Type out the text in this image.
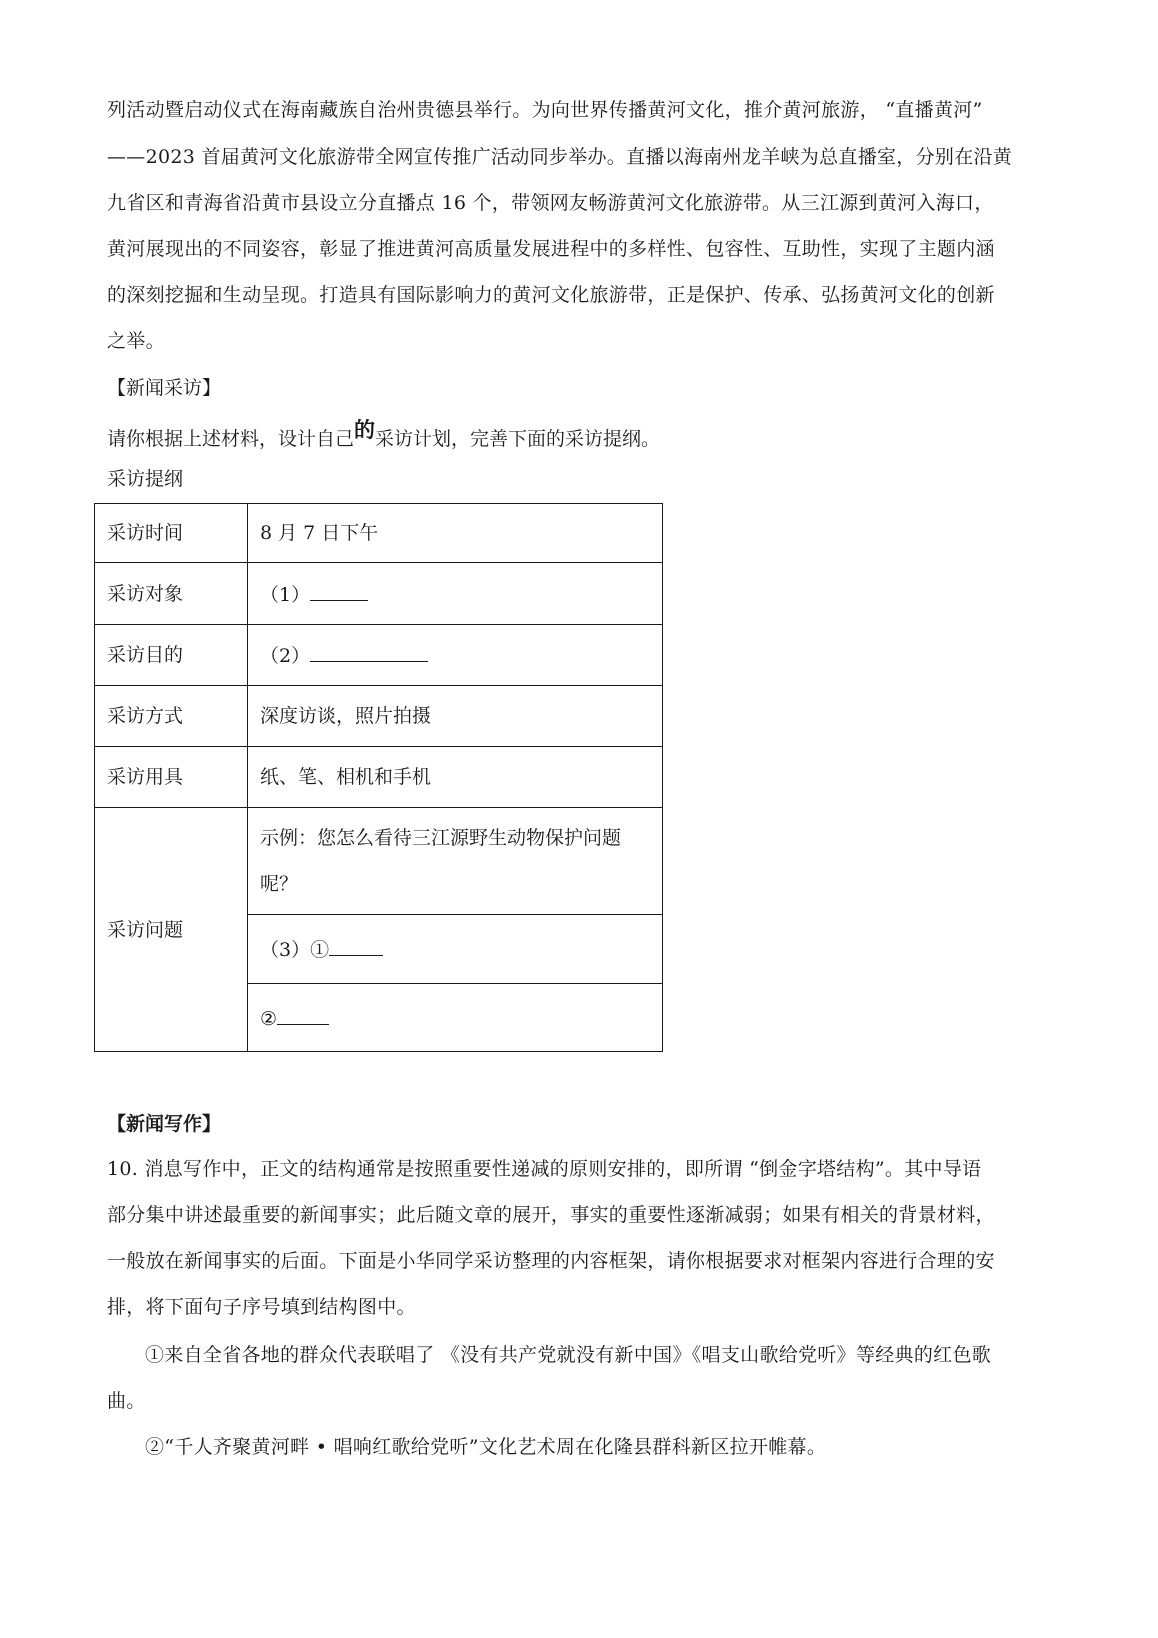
列活动暨启动仪式在海南藏族自治州贵德县举行。为向世界传播黄河文化，推介黄河旅游， “直播黄河”
——2023 首届黄河文化旅游带全网宣传推广活动同步举办。直播以海南州龙羊峡为总直播室，分别在沿黄
九省区和青海省沿黄市县设立分直播点 16 个，带领网友畅游黄河文化旅游带。从三江源到黄河入海口，
黄河展现出的不同姿容，彰显了推进黄河高质量发展进程中的多样性、包容性、互助性，实现了主题内涵
的深刻挖掘和生动呈现。打造具有国际影响力的黄河文化旅游带，正是保护、传承、弘扬黄河文化的创新
之举。
【新闻采访】
请你根据上述材料，设计自己的采访计划，完善下面的采访提纲。
采访提纲
采访时间	8 月 7 日下午
采访对象	（1）
采访目的	（2）
采访方式	深度访谈，照片拍摄
采访用具	纸、笔、相机和手机
采访问题	示例：您怎么看待三江源野生动物保护问题
呢？

	（3）①
	②
【新闻写作】
10. 消息写作中，正文的结构通常是按照重要性递减的原则安排的，即所谓 “倒金字塔结构”。其中导语
部分集中讲述最重要的新闻事实；此后随文章的展开，事实的重要性逐渐减弱；如果有相关的背景材料，
一般放在新闻事实的后面。下面是小华同学采访整理的内容框架，请你根据要求对框架内容进行合理的安
排，将下面句子序号填到结构图中。
①来自全省各地的群众代表联唱了 《没有共产党就没有新中国》《唱支山歌给党听》等经典的红色歌
曲。
②“千人齐聚黄河畔 • 唱响红歌给党听”文化艺术周在化隆县群科新区拉开帷幕。
